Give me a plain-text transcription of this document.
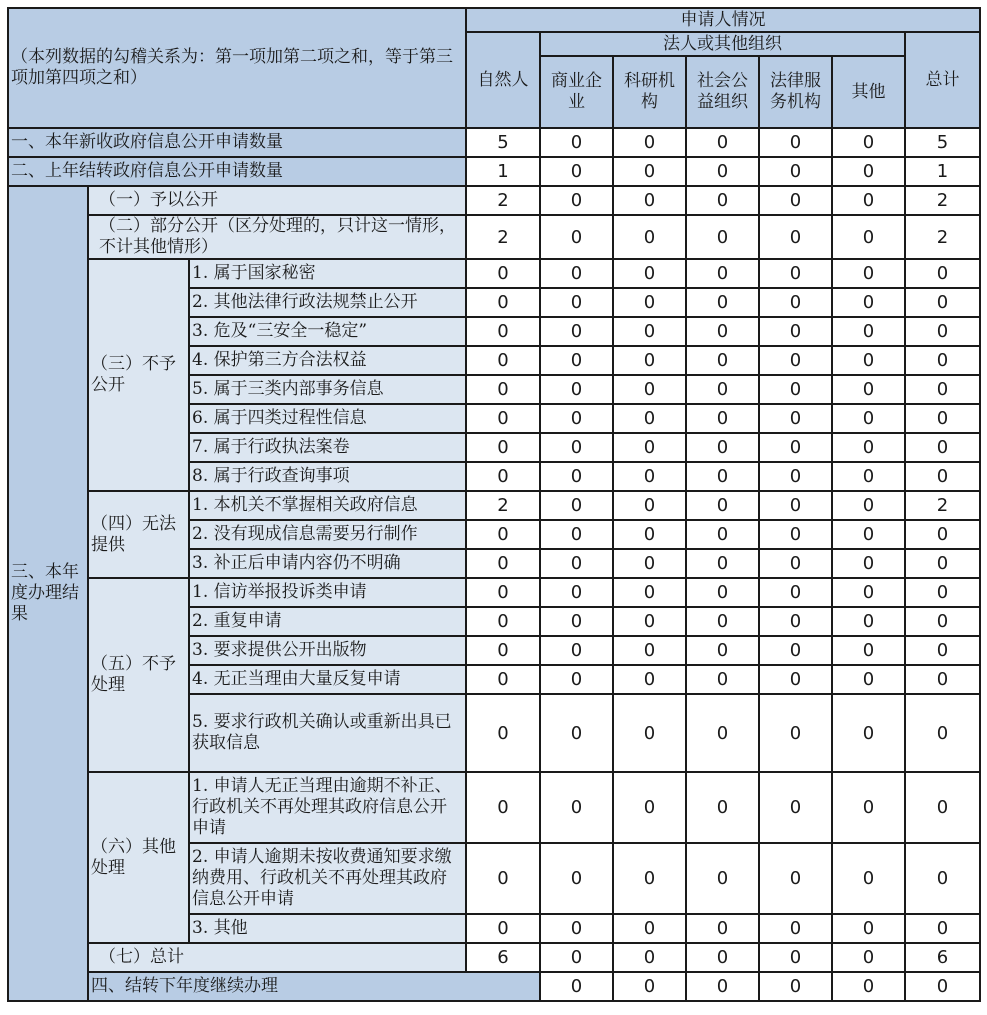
（本列数据的勾稽关系为：第一项加第二项之和，等于第三项加第四项之和）			申请人情况							
			自然人	法人或其他组织					总计	
				商业企业	科研机构	社会公益组织	法律服务机构	其他		
一、本年新收政府信息公开申请数量			5	0	0	0	0	0	5	
二、上年结转政府信息公开申请数量			1	0	0	0	0	0	1	
三、本年度办理结果	（一）予以公开		2	0	0	0	0	0	2	
	（二）部分公开（区分处理的，只计这一情形，不计其他情形）		2	0	0	0	0	0	2	
	（三）不予公开	1. 属于国家秘密	0	0	0	0	0	0	0	
		2. 其他法律行政法规禁止公开	0	0	0	0	0	0	0	
		3. 危及“三安全一稳定”	0	0	0	0	0	0	0	
		4. 保护第三方合法权益	0	0	0	0	0	0	0	
		5. 属于三类内部事务信息	0	0	0	0	0	0	0	
		6. 属于四类过程性信息	0	0	0	0	0	0	0	
		7. 属于行政执法案卷	0	0	0	0	0	0	0	
		8. 属于行政查询事项	0	0	0	0	0	0	0	
	（四）无法提供	1. 本机关不掌握相关政府信息	2	0	0	0	0	0	2	
		2. 没有现成信息需要另行制作	0	0	0	0	0	0	0	
		3. 补正后申请内容仍不明确	0	0	0	0	0	0	0	
	（五）不予处理	1. 信访举报投诉类申请	0	0	0	0	0	0	0	
		2. 重复申请	0	0	0	0	0	0	0	
		3. 要求提供公开出版物	0	0	0	0	0	0	0	
		4. 无正当理由大量反复申请	0	0	0	0	0	0	0	
		5. 要求行政机关确认或重新出具已获取信息	0	0	0	0	0	0	0	
	（六）其他处理	1. 申请人无正当理由逾期不补正、行政机关不再处理其政府信息公开申请	0	0	0	0	0	0	0	
		2. 申请人逾期未按收费通知要求缴纳费用、行政机关不再处理其政府信息公开申请	0	0	0	0	0	0	0	
		3. 其他	0	0	0	0	0	0	0	
	（七）总计		6	0	0	0	0	0	6	
	四、结转下年度继续办理			0	0	0	0	0	0	
